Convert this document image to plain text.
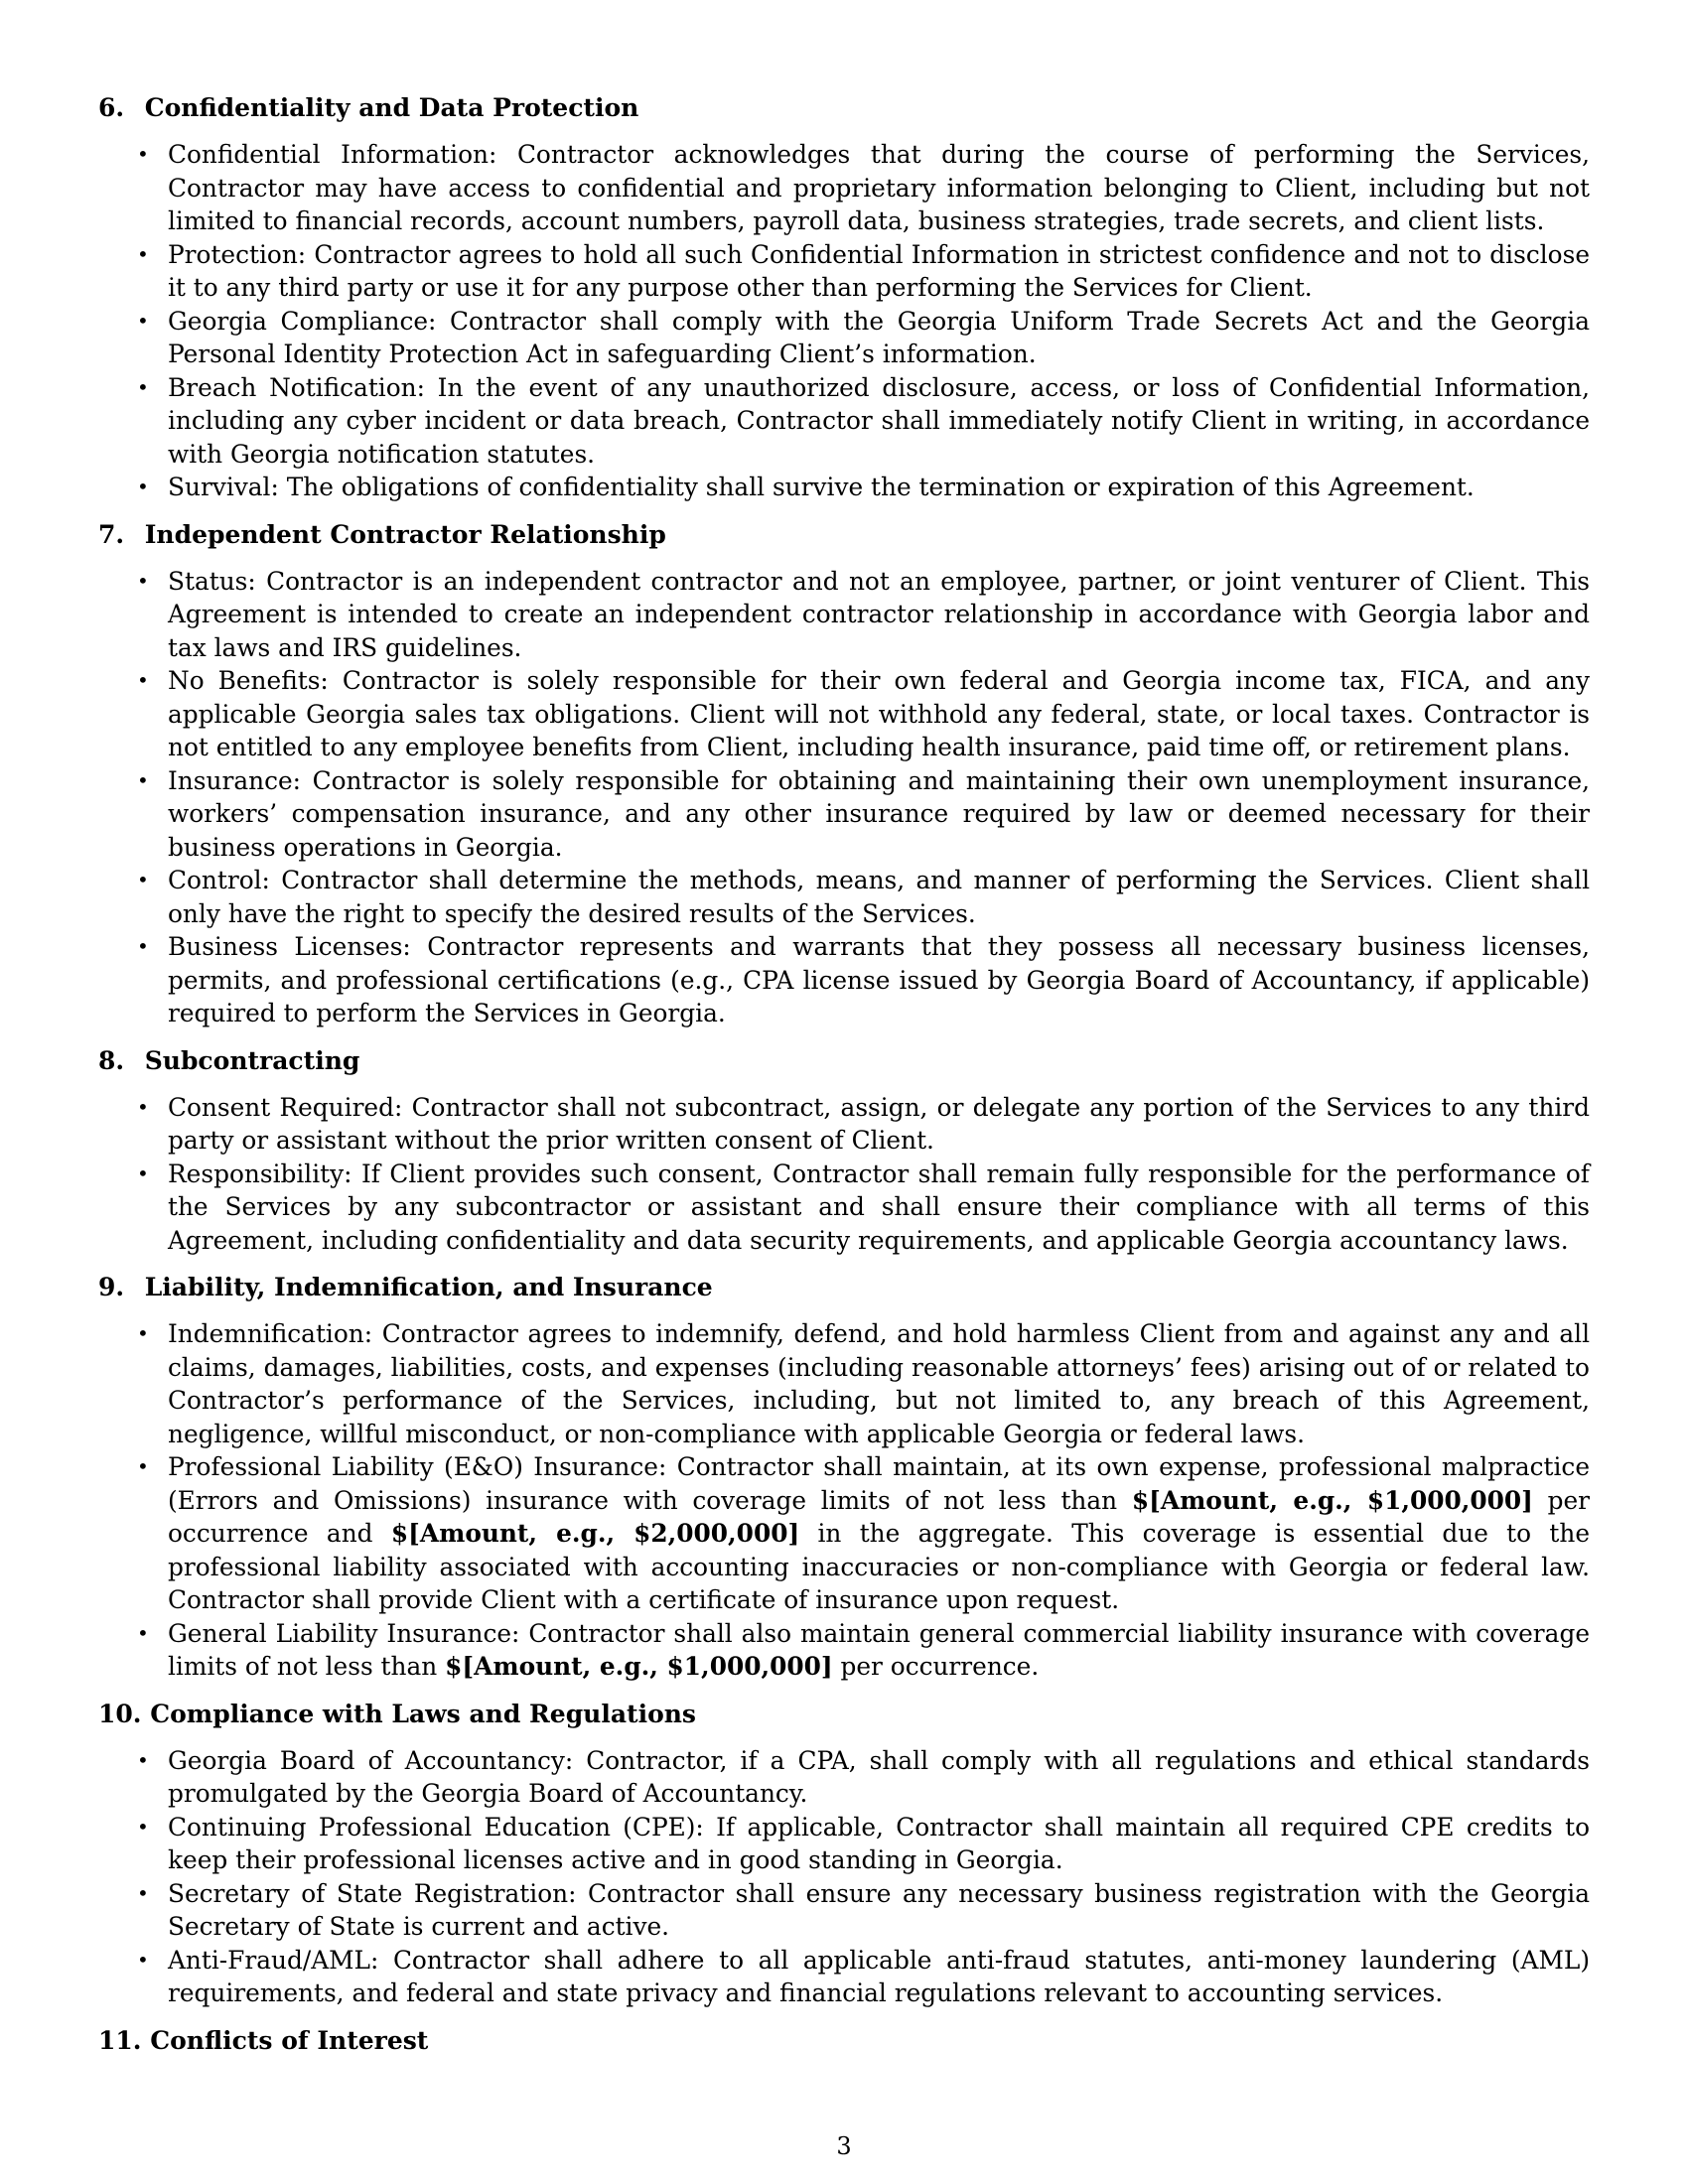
6. Confidentiality and Data Protection
• Confidential Information: Contractor acknowledges that during the course of performing the Services, Contractor may have access to confidential and proprietary information belonging to Client, including but not limited to financial records, account numbers, payroll data, business strategies, trade secrets, and client lists.
• Protection: Contractor agrees to hold all such Confidential Information in strictest confidence and not to disclose it to any third party or use it for any purpose other than performing the Services for Client.
• Georgia Compliance: Contractor shall comply with the Georgia Uniform Trade Secrets Act and the Georgia Personal Identity Protection Act in safeguarding Client’s information.
• Breach Notification: In the event of any unauthorized disclosure, access, or loss of Confidential Information, including any cyber incident or data breach, Contractor shall immediately notify Client in writing, in accordance with Georgia notification statutes.
• Survival: The obligations of confidentiality shall survive the termination or expiration of this Agreement.
7. Independent Contractor Relationship
• Status: Contractor is an independent contractor and not an employee, partner, or joint venturer of Client. This Agreement is intended to create an independent contractor relationship in accordance with Georgia labor and tax laws and IRS guidelines.
• No Benefits: Contractor is solely responsible for their own federal and Georgia income tax, FICA, and any applicable Georgia sales tax obligations. Client will not withhold any federal, state, or local taxes. Contractor is not entitled to any employee benefits from Client, including health insurance, paid time off, or retirement plans.
• Insurance: Contractor is solely responsible for obtaining and maintaining their own unemployment insurance, workers’ compensation insurance, and any other insurance required by law or deemed necessary for their business operations in Georgia.
• Control: Contractor shall determine the methods, means, and manner of performing the Services. Client shall only have the right to specify the desired results of the Services.
• Business Licenses: Contractor represents and warrants that they possess all necessary business licenses, permits, and professional certifications (e.g., CPA license issued by Georgia Board of Accountancy, if applicable) required to perform the Services in Georgia.
8. Subcontracting
• Consent Required: Contractor shall not subcontract, assign, or delegate any portion of the Services to any third party or assistant without the prior written consent of Client.
• Responsibility: If Client provides such consent, Contractor shall remain fully responsible for the performance of the Services by any subcontractor or assistant and shall ensure their compliance with all terms of this Agreement, including confidentiality and data security requirements, and applicable Georgia accountancy laws.
9. Liability, Indemnification, and Insurance
• Indemnification: Contractor agrees to indemnify, defend, and hold harmless Client from and against any and all claims, damages, liabilities, costs, and expenses (including reasonable attorneys’ fees) arising out of or related to Contractor’s performance of the Services, including, but not limited to, any breach of this Agreement, negligence, willful misconduct, or non-compliance with applicable Georgia or federal laws.
• Professional Liability (E&O) Insurance: Contractor shall maintain, at its own expense, professional malpractice (Errors and Omissions) insurance with coverage limits of not less than $[Amount, e.g., $1,000,000] per occurrence and $[Amount, e.g., $2,000,000] in the aggregate. This coverage is essential due to the professional liability associated with accounting inaccuracies or non-compliance with Georgia or federal law. Contractor shall provide Client with a certificate of insurance upon request.
• General Liability Insurance: Contractor shall also maintain general commercial liability insurance with coverage limits of not less than $[Amount, e.g., $1,000,000] per occurrence.
10. Compliance with Laws and Regulations
• Georgia Board of Accountancy: Contractor, if a CPA, shall comply with all regulations and ethical standards promulgated by the Georgia Board of Accountancy.
• Continuing Professional Education (CPE): If applicable, Contractor shall maintain all required CPE credits to keep their professional licenses active and in good standing in Georgia.
• Secretary of State Registration: Contractor shall ensure any necessary business registration with the Georgia Secretary of State is current and active.
• Anti-Fraud/AML: Contractor shall adhere to all applicable anti-fraud statutes, anti-money laundering (AML) requirements, and federal and state privacy and financial regulations relevant to accounting services.
11. Conflicts of Interest
3
